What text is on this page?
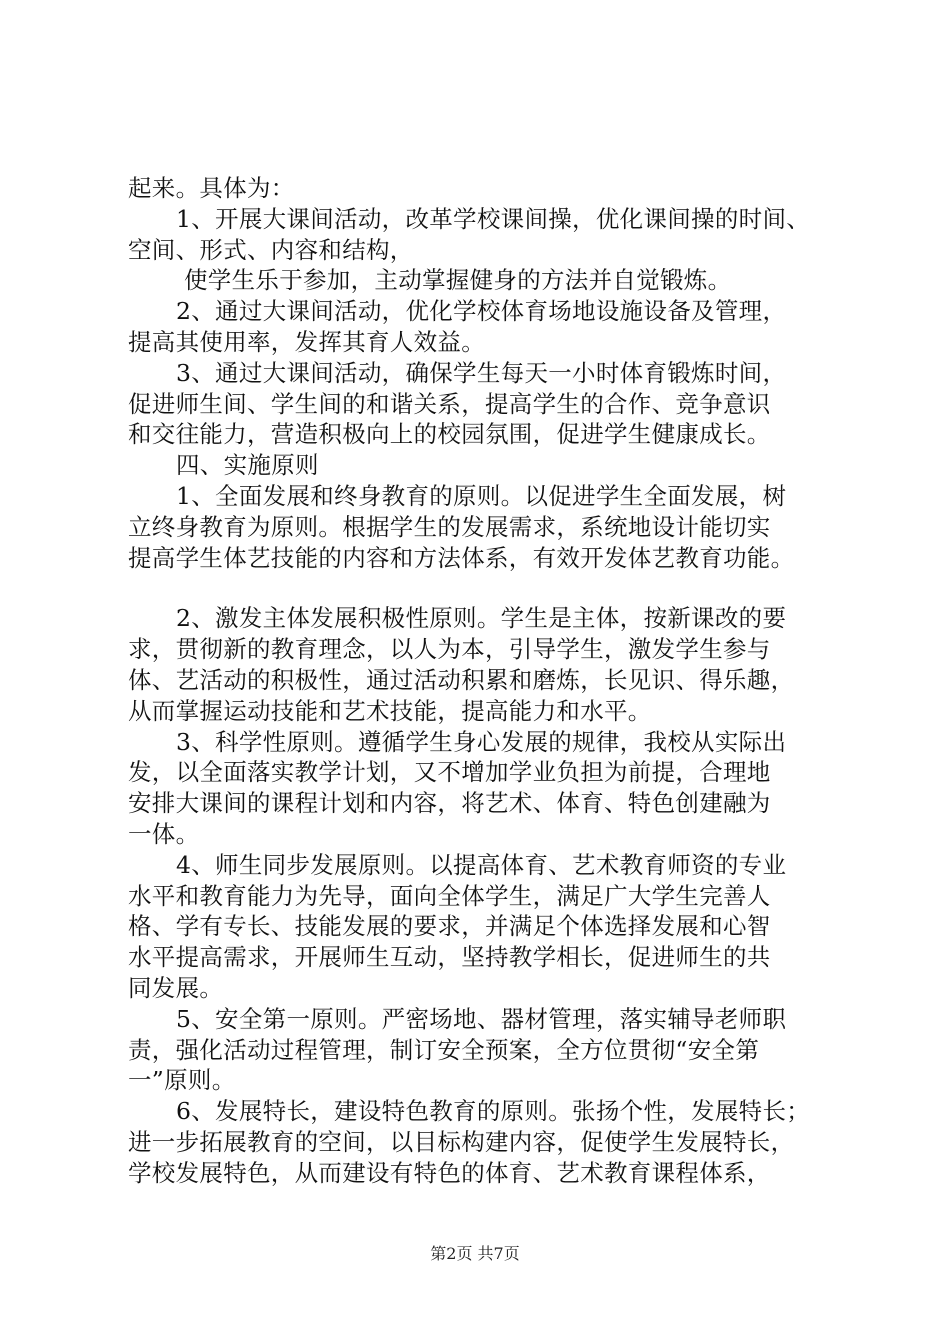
起来。具体为：
1、开展大课间活动，改革学校课间操，优化课间操的时间、
空间、形式、内容和结构，
使学生乐于参加，主动掌握健身的方法并自觉锻炼。
2、通过大课间活动，优化学校体育场地设施设备及管理，
提高其使用率，发挥其育人效益。
3、通过大课间活动，确保学生每天一小时体育锻炼时间，
促进师生间、学生间的和谐关系，提高学生的合作、竞争意识
和交往能力，营造积极向上的校园氛围，促进学生健康成长。
四、实施原则
1、全面发展和终身教育的原则。以促进学生全面发展，树
立终身教育为原则。根据学生的发展需求，系统地设计能切实
提高学生体艺技能的内容和方法体系，有效开发体艺教育功能。
2、激发主体发展积极性原则。学生是主体，按新课改的要
求，贯彻新的教育理念，以人为本，引导学生，激发学生参与
体、艺活动的积极性，通过活动积累和磨炼，长见识、得乐趣，
从而掌握运动技能和艺术技能，提高能力和水平。
3、科学性原则。遵循学生身心发展的规律，我校从实际出
发，以全面落实教学计划，又不增加学业负担为前提，合理地
安排大课间的课程计划和内容，将艺术、体育、特色创建融为
一体。
4、师生同步发展原则。以提高体育、艺术教育师资的专业
水平和教育能力为先导，面向全体学生，满足广大学生完善人
格、学有专长、技能发展的要求，并满足个体选择发展和心智
水平提高需求，开展师生互动，坚持教学相长，促进师生的共
同发展。
5、安全第一原则。严密场地、器材管理，落实辅导老师职
责，强化活动过程管理，制订安全预案，全方位贯彻“安全第
一”原则。
6、发展特长，建设特色教育的原则。张扬个性，发展特长；
进一步拓展教育的空间，以目标构建内容，促使学生发展特长，
学校发展特色，从而建设有特色的体育、艺术教育课程体系，
第2页 共7页
